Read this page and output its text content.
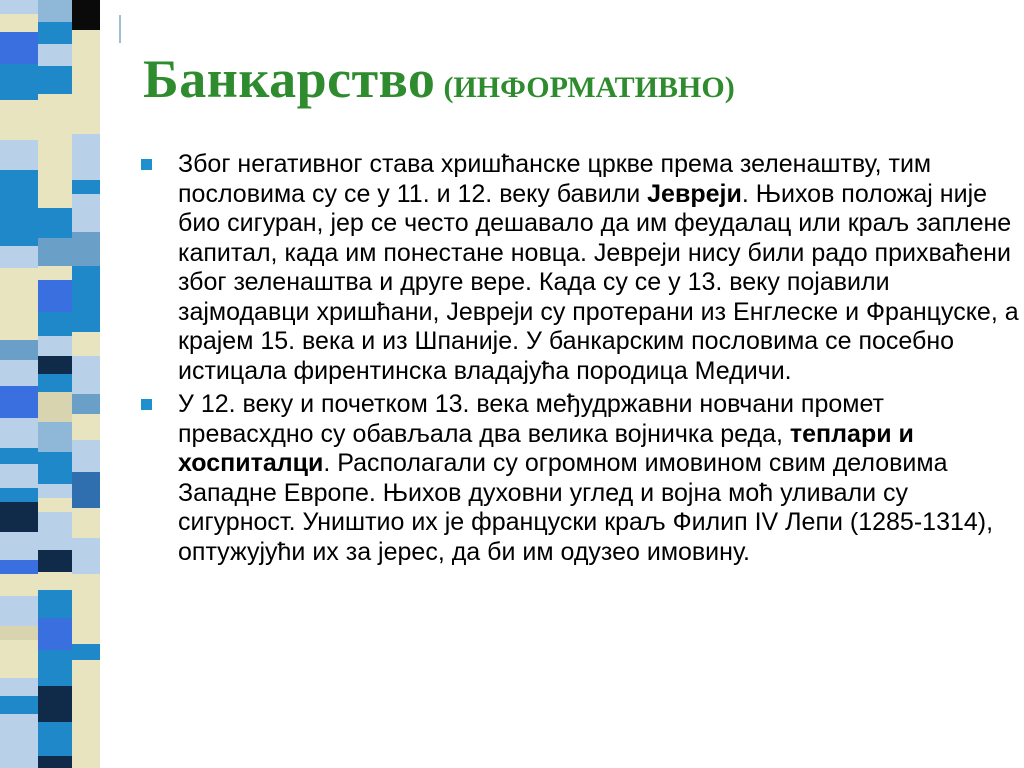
Банкарство (ИНФОРМАТИВНО)
Због негативног става хришћанске цркве према зеленаштву, тим пословима су се у 11. и 12. веку бавили Јевреји. Њихов положај није био сигуран, јер се често дешавало да им феудалац или краљ заплене капитал, када им понестане новца. Јевреји нису били радо прихваћени због зеленаштва и друге вере. Када су се у 13. веку појавили зајмодавци хришћани, Јевреји су протерани из Енглеске и Француске, а крајем 15. века и из Шпаније. У банкарским пословима се посебно истицала фирентинска владајућа породица Медичи.
У 12. веку и почетком 13. века међудржавни новчани промет превасхдно су обављала два велика војничка реда, теплари и хоспиталци. Располагали су огромном имовином свим деловима Западне Европе. Њихов духовни углед и војна моћ уливали су сигурност. Уништио их је француски краљ Филип IV Лепи (1285-1314), оптужујући их за јерес, да би им одузео имовину.
